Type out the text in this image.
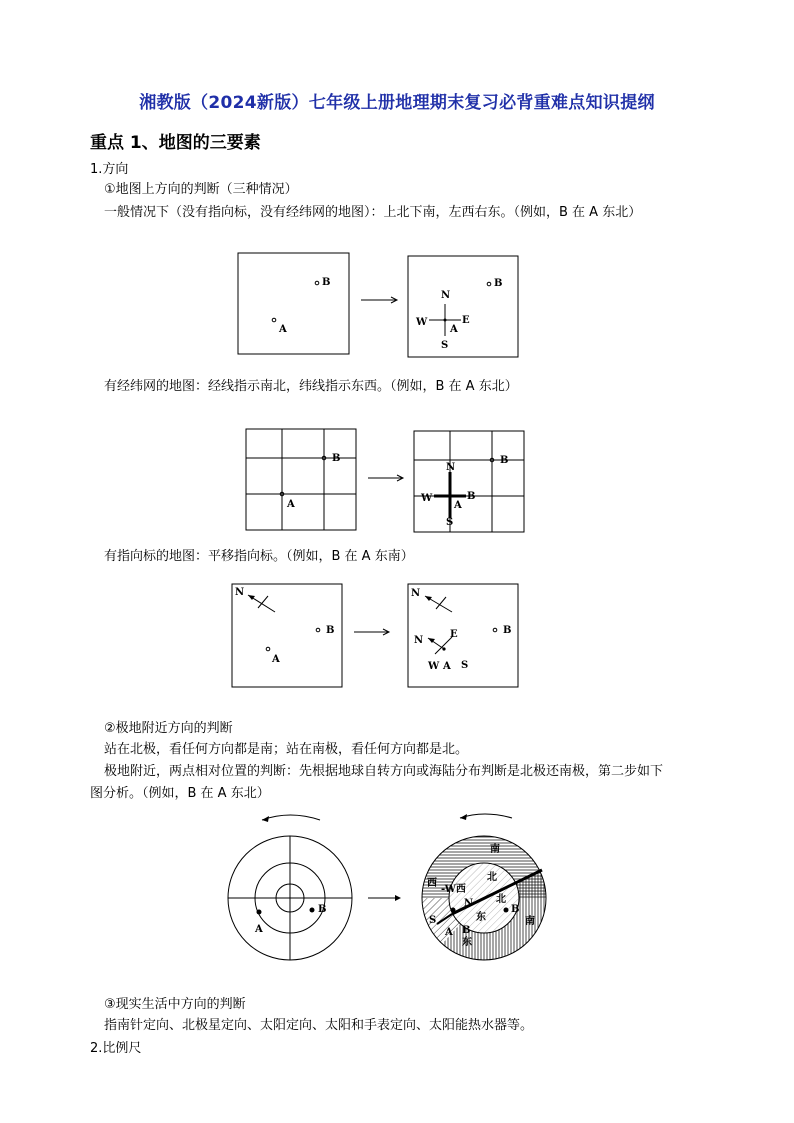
湘教版（2024新版）七年级上册地理期末复习必背重难点知识提纲
重点 1、地图的三要素
1.方向
①地图上方向的判断（三种情况）
一般情况下（没有指向标，没有经纬网的地图）：上北下南，左西右东。（例如，B 在 A 东北）
B
A
B
N
W	E
A
S
有经纬网的地图：经线指示南北，纬线指示东西。（例如，B 在 A 东北）
B
A
B
N
W	B
A
S
有指向标的地图：平移指向标。（例如，B 在 A 东南）
N
B
A
N
B
N
E
W A S
②极地附近方向的判断
站在北极，看任何方向都是南；站在南极，看任何方向都是北。
极地附近，两点相对位置的判断：先根据地球自转方向或海陆分布判断是北极还南极，第二步如下
图分析。（例如，B 在 A 东北）
A
B
南
北
西
-W西
北
N
东
B
南
S
A B
东
③现实生活中方向的判断
指南针定向、北极星定向、太阳定向、太阳和手表定向、太阳能热水器等。
2.比例尺
